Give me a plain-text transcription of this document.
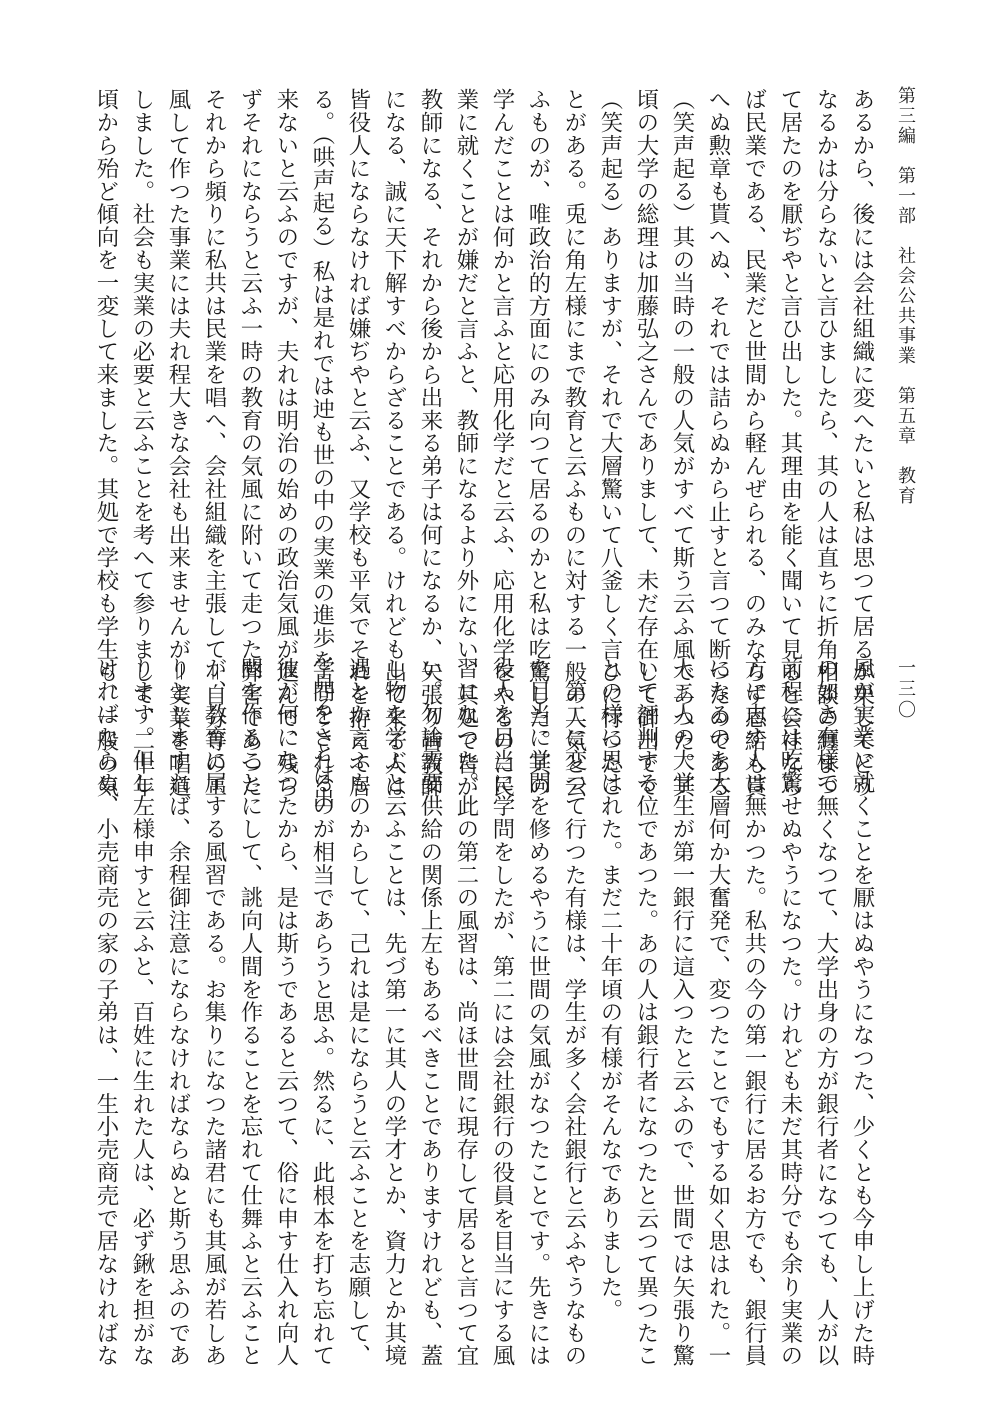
第三編　第一部　社会公共事業　第五章　教育
一三〇
あるから、後には会社組織に変へたいと私は思つて居るが果してどう
なるかは分らないと言ひましたら、其の人は直ちに折角相談の纏まつ
て居たのを厭ぢやと言ひ出した。其理由を能く聞いて見ると会社なら
ば民業である、民業だと世間から軽んぜられる、のみならず恩給も貰
へぬ勲章も貰へぬ、それでは詰らぬから止すと言つて断つたのである
（笑声起る）其の当時の一般の人気がすべて斯う云ふ風であつた。其
頃の大学の総理は加藤弘之さんでありまして、未だ存在して御出でで
（笑声起る）ありますが、それで大層驚いて八釜しく言ひに行つたこ
とがある。兎に角左様にまで教育と云ふものに対する一般の人気と云
ふものが、唯政治的方面にのみ向つて居るのかと私は吃驚した。其の
学んだことは何かと言ふと応用化学だと云ふ、応用化学をやるのに民
業に就くことが嫌だと言ふと、教師になるより外にない、其処で皆が
教師になる、それから後から出来る弟子は何になるか、矢張り皆教師
になる、誠に天下解すべからざることである。けれども出て来る人は
皆役人にならなければ嫌ぢやと云ふ、又学校も平気でそれを拵えて居
る。（哄声起る）私は是れでは迚も世の中の実業の進歩を見ることは出
来ないと云ふのですが、夫れは明治の始めの政治気風が進んで、残ら
ずそれにならうと云ふ一時の教育の気風に附いて走つた弊害であつた
それから頻りに私共は民業を唱へ、会社組織を主張して＝自分等の工
風して作つた事業には夫れ程大きな会社も出来ませんが＝実業を唱道
しました。社会も実業の必要と云ふことを考へて参りまして、二十年
頃から殆ど傾向を一変して来ました。其処で学校も学生も、一般の気
風が実業に就くことを厭はぬやうになつた、少くとも今申し上げた時
の如き有様で無くなつて、大学出身の方が銀行者になつても、人が以
前程には吃驚せぬやうになつた。けれども未だ其時分でも余り実業の
方に志す人は無かつた。私共の今の第一銀行に居るお方でも、銀行員
になるのを大層何か大奮発で、変つたことでもする如く思はれた。一
人二人の大学生が第一銀行に這入つたと云ふので、世間では矢張り驚
いて評判する位であつた。あの人は銀行者になつたと云つて異つたこ
との様に思はれた。まだ二十年頃の有様がそんなでありました。
　第二に変つて行つた有様は、学生が多く会社銀行と云ふやうなもの
を目当に学問を修めるやうに世間の気風がなつたことです。先きには
役人を目当に学問をしたが、第二には会社銀行の役員を目当にする風
習になつた。此の第二の風習は、尚ほ世間に現存して居ると言つて宜
い。勿論需要供給の関係上左もあるべきことでありますけれども、蓋
し物を学ぶと云ふことは、先づ第一に其人の学才とか、資力とか其境
遇とか言ふものからして、己れは是にならうと云ふことを志願して、
学問をされるのが相当であらうと思ふ。然るに、此根本を打ち忘れて
彼が何になつたから、是は斯うであると云つて、俗に申す仕入れ向人
間を作ることにして、誂向人間を作ることを忘れて仕舞ふと云ふこと
が、教育に属する風習である。お集りになつた諸君にも其風が若しあ
りとしますれば、余程御注意にならなければならぬと斯う思ふのであ
ります。但し左様申すと云ふと、百姓に生れた人は、必ず鍬を担がな
ければならぬ、小売商売の家の子弟は、一生小売商売で居なければな
